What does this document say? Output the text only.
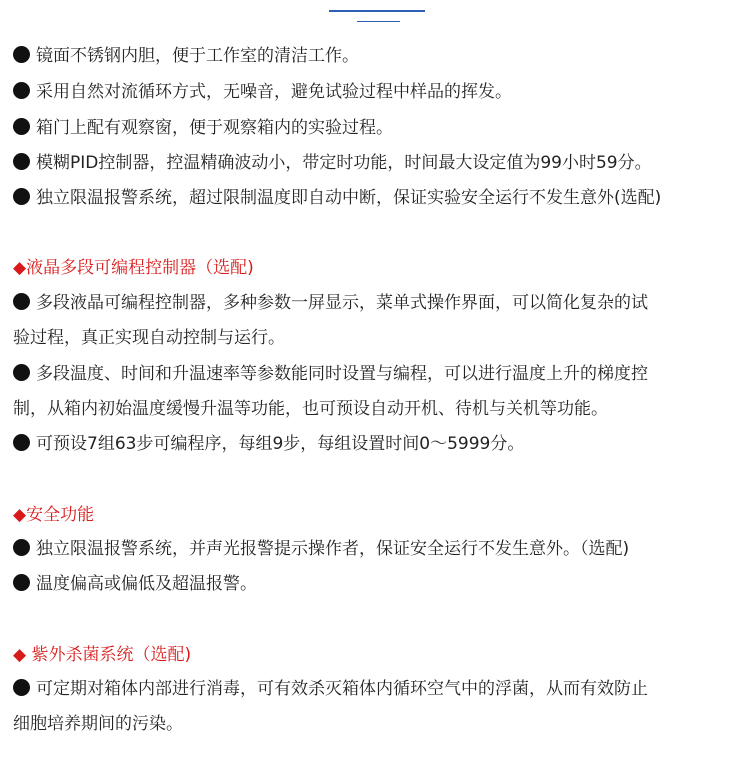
镜面不锈钢内胆，便于工作室的清洁工作。
采用自然对流循环方式，无噪音，避免试验过程中样品的挥发。
箱门上配有观察窗，便于观察箱内的实验过程。
模糊PID控制器，控温精确波动小，带定时功能，时间最大设定值为99小时59分。
独立限温报警系统，超过限制温度即自动中断，保证实验安全运行不发生意外(选配)
◆液晶多段可编程控制器（选配)
多段液晶可编程控制器，多种参数一屏显示，菜单式操作界面，可以简化复杂的试
验过程，真正实现自动控制与运行。
多段温度、时间和升温速率等参数能同时设置与编程，可以进行温度上升的梯度控
制，从箱内初始温度缓慢升温等功能，也可预设自动开机、待机与关机等功能。
可预设7组63步可编程序，每组9步，每组设置时间0～5999分。
◆安全功能
独立限温报警系统，并声光报警提示操作者，保证安全运行不发生意外。（选配)
温度偏高或偏低及超温报警。
◆ 紫外杀菌系统（选配)
可定期对箱体内部进行消毒，可有效杀灭箱体内循环空气中的浮菌，从而有效防止
细胞培养期间的污染。
